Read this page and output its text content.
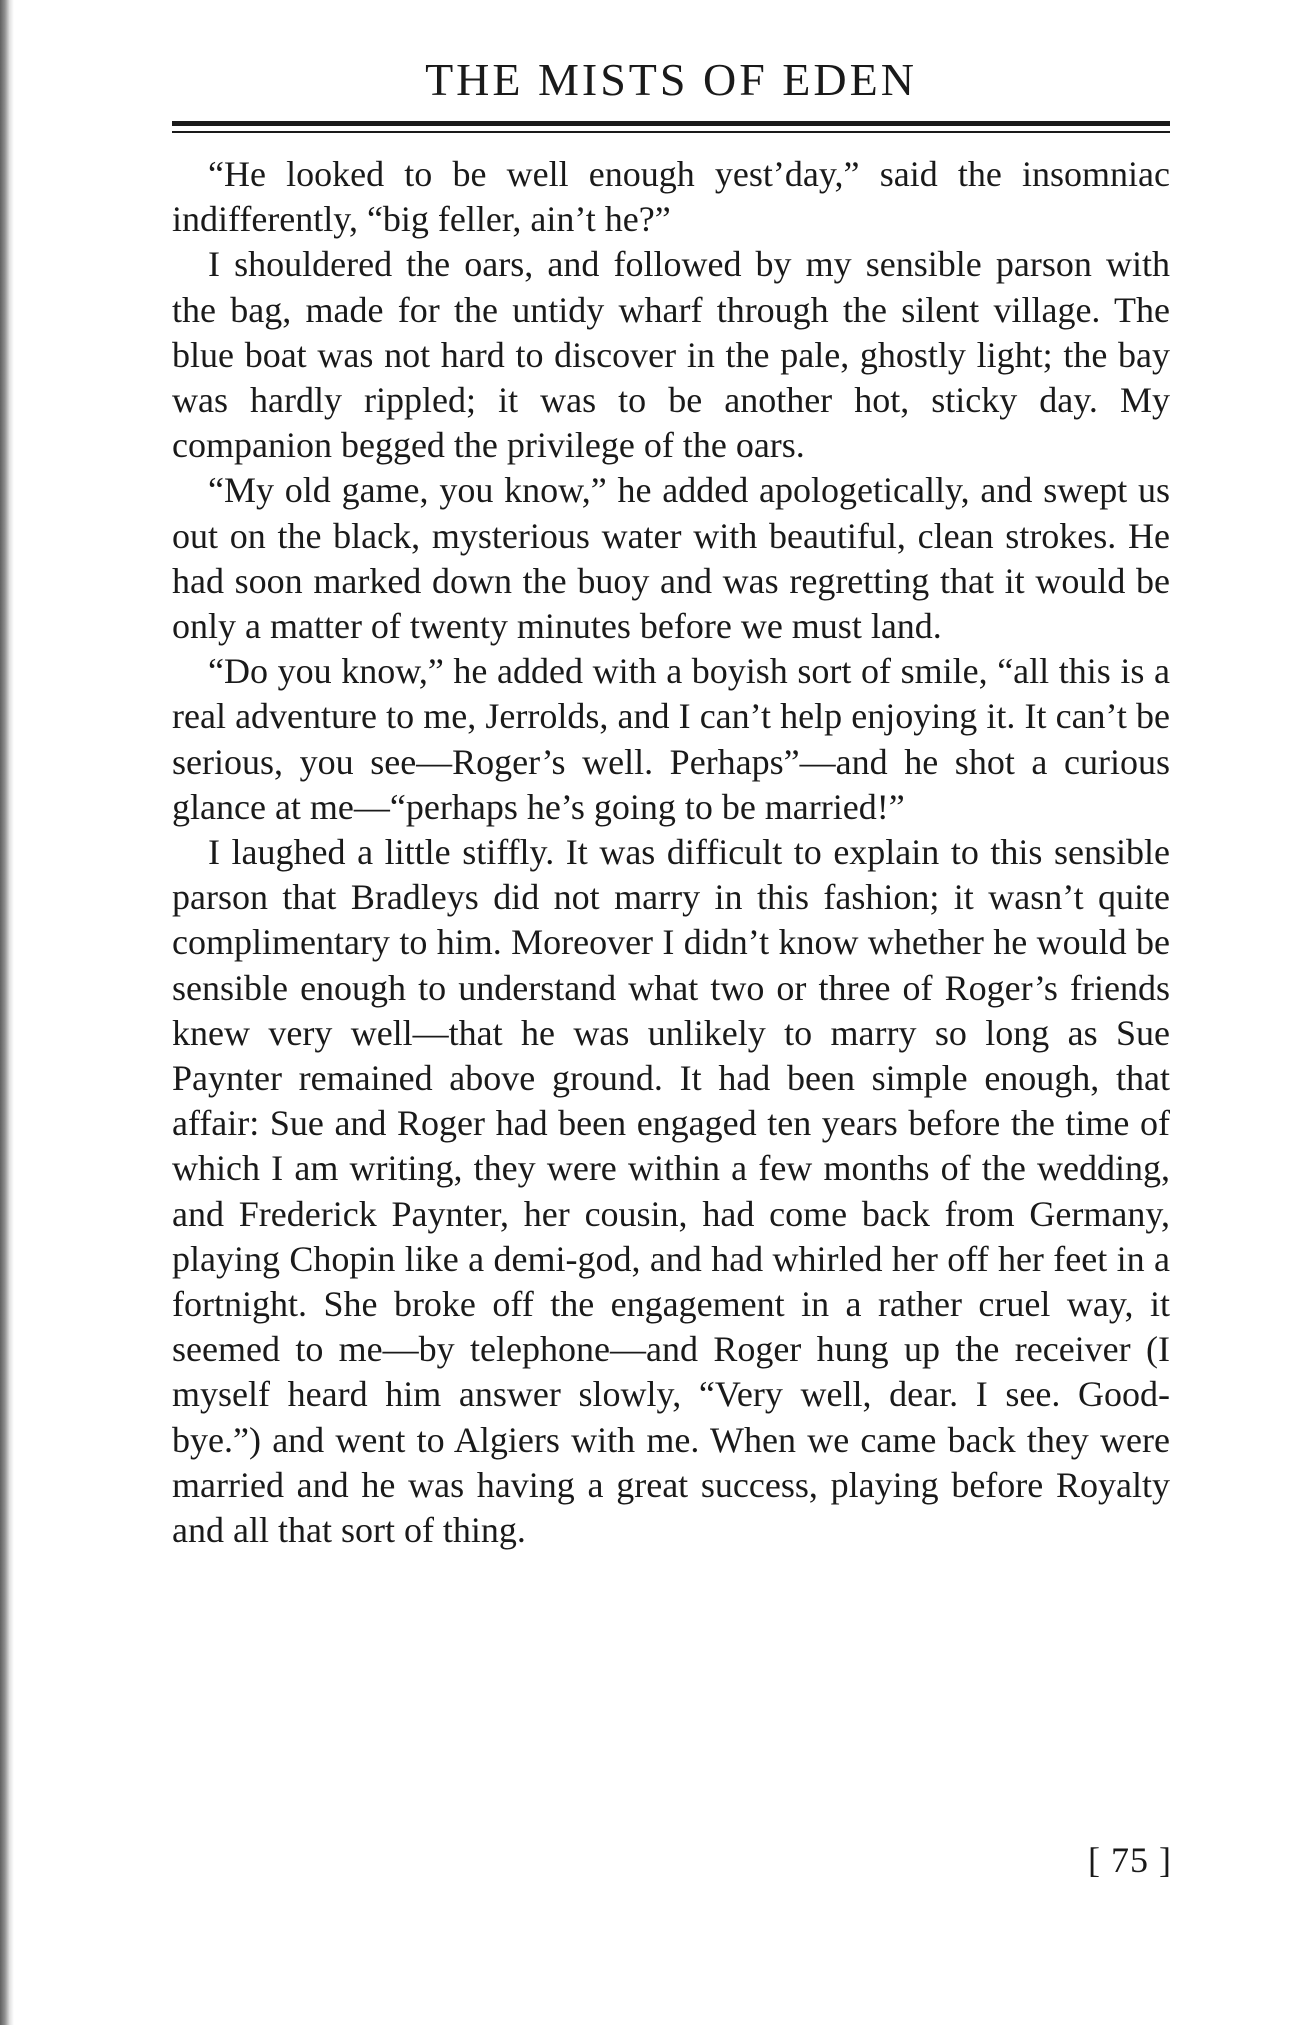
THE MISTS OF EDEN

“He looked to be well enough yest’day,” said the insomniac indifferently, “big feller, ain’t he?”

I shouldered the oars, and followed by my sensible parson with the bag, made for the untidy wharf through the silent village. The blue boat was not hard to discover in the pale, ghostly light; the bay was hardly rippled; it was to be another hot, sticky day. My companion begged the privilege of the oars.

“My old game, you know,” he added apologetically, and swept us out on the black, mysterious water with beautiful, clean strokes. He had soon marked down the buoy and was regretting that it would be only a matter of twenty minutes before we must land.

“Do you know,” he added with a boyish sort of smile, “all this is a real adventure to me, Jerrolds, and I can’t help enjoying it. It can’t be serious, you see—Roger’s well. Perhaps”—and he shot a curious glance at me—“perhaps he’s going to be married!”

I laughed a little stiffly. It was difficult to explain to this sensible parson that Bradleys did not marry in this fashion; it wasn’t quite complimentary to him. Moreover I didn’t know whether he would be sensible enough to understand what two or three of Roger’s friends knew very well—that he was unlikely to marry so long as Sue Paynter remained above ground. It had been simple enough, that affair: Sue and Roger had been engaged ten years before the time of which I am writing, they were within a few months of the wedding, and Frederick Paynter, her cousin, had come back from Germany, playing Chopin like a demi-god, and had whirled her off her feet in a fortnight. She broke off the engagement in a rather cruel way, it seemed to me—by telephone—and Roger hung up the receiver (I myself heard him answer slowly, “Very well, dear. I see. Good-bye.”) and went to Algiers with me. When we came back they were married and he was having a great success, playing before Royalty and all that sort of thing.

[ 75 ]
